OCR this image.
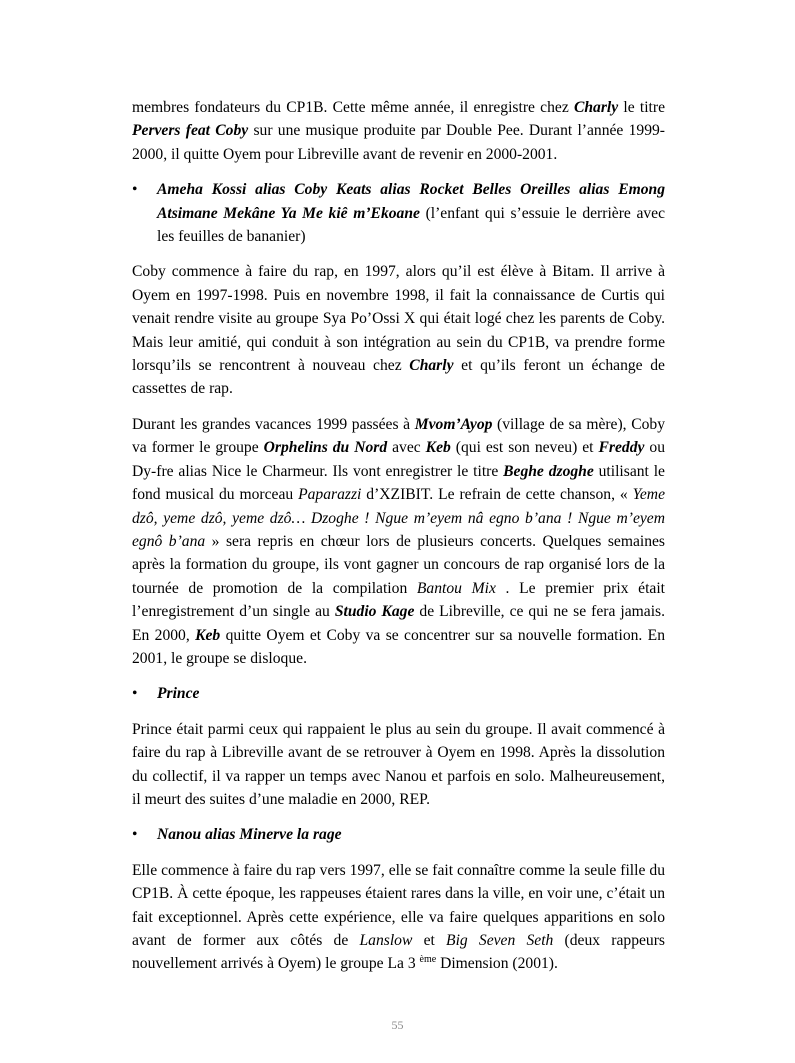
membres fondateurs du CP1B. Cette même année, il enregistre chez Charly le titre Pervers feat Coby sur une musique produite par Double Pee. Durant l’année 1999-2000, il quitte Oyem pour Libreville avant de revenir en 2000-2001.

• Ameha Kossi alias Coby Keats alias Rocket Belles Oreilles alias Emong Atsimane Mekâne Ya Me kiê m’Ekoane (l’enfant qui s’essuie le derrière avec les feuilles de bananier)

Coby commence à faire du rap, en 1997, alors qu’il est élève à Bitam. Il arrive à Oyem en 1997-1998. Puis en novembre 1998, il fait la connaissance de Curtis qui venait rendre visite au groupe Sya Po’Ossi X qui était logé chez les parents de Coby. Mais leur amitié, qui conduit à son intégration au sein du CP1B, va prendre forme lorsqu’ils se rencontrent à nouveau chez Charly et qu’ils feront un échange de cassettes de rap.

Durant les grandes vacances 1999 passées à Mvom’Ayop (village de sa mère), Coby va former le groupe Orphelins du Nord avec Keb (qui est son neveu) et Freddy ou Dy-fre alias Nice le Charmeur. Ils vont enregistrer le titre Beghe dzoghe utilisant le fond musical du morceau Paparazzi d’XZIBIT. Le refrain de cette chanson, « Yeme dzô, yeme dzô, yeme dzô… Dzoghe ! Ngue m’eyem nâ egno b’ana ! Ngue m’eyem egnô b’ana » sera repris en chœur lors de plusieurs concerts. Quelques semaines après la formation du groupe, ils vont gagner un concours de rap organisé lors de la tournée de promotion de la compilation Bantou Mix . Le premier prix était l’enregistrement d’un single au Studio Kage de Libreville, ce qui ne se fera jamais. En 2000, Keb quitte Oyem et Coby va se concentrer sur sa nouvelle formation. En 2001, le groupe se disloque.

• Prince

Prince était parmi ceux qui rappaient le plus au sein du groupe. Il avait commencé à faire du rap à Libreville avant de se retrouver à Oyem en 1998. Après la dissolution du collectif, il va rapper un temps avec Nanou et parfois en solo. Malheureusement, il meurt des suites d’une maladie en 2000, REP.

• Nanou alias Minerve la rage

Elle commence à faire du rap vers 1997, elle se fait connaître comme la seule fille du CP1B. À cette époque, les rappeuses étaient rares dans la ville, en voir une, c’était un fait exceptionnel. Après cette expérience, elle va faire quelques apparitions en solo avant de former aux côtés de Lanslow et Big Seven Seth (deux rappeurs nouvellement arrivés à Oyem) le groupe La 3 $^{ème}$ Dimension (2001).

55
